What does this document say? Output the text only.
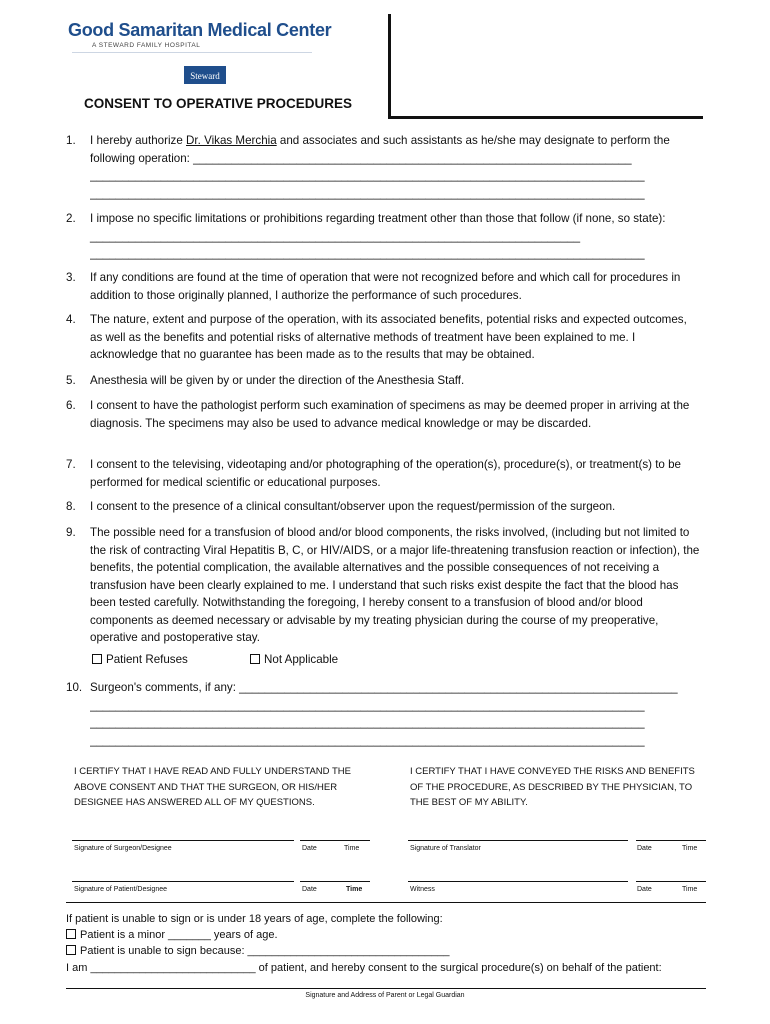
Good Samaritan Medical Center
A STEWARD FAMILY HOSPITAL
Steward
CONSENT TO OPERATIVE PROCEDURES
1.	I hereby authorize Dr. Vikas Merchia and associates and such assistants as he/she may designate to perform the following operation: ____________________________________________________________________
______________________________________________________________________________________
______________________________________________________________________________________
2.	I impose no specific limitations or prohibitions regarding treatment other than those that follow (if none, so state): ____________________________________________________________________________
______________________________________________________________________________________
3.	If any conditions are found at the time of operation that were not recognized before and which call for procedures in addition to those originally planned, I authorize the performance of such procedures.
4.	The nature, extent and purpose of the operation, with its associated benefits, potential risks and expected outcomes, as well as the benefits and potential risks of alternative methods of treatment have been explained to me. I acknowledge that no guarantee has been made as to the results that may be obtained.
5.	Anesthesia will be given by or under the direction of the Anesthesia Staff.
6.	I consent to have the pathologist perform such examination of specimens as may be deemed proper in arriving at the diagnosis. The specimens may also be used to advance medical knowledge or may be discarded.
7.	I consent to the televising, videotaping and/or photographing of the operation(s), procedure(s), or treatment(s) to be performed for medical scientific or educational purposes.
8.	I consent to the presence of a clinical consultant/observer upon the request/permission of the surgeon.
9.	The possible need for a transfusion of blood and/or blood components, the risks involved, (including but not limited to the risk of contracting Viral Hepatitis B, C, or HIV/AIDS, or a major life-threatening transfusion reaction or infection), the benefits, the potential complication, the available alternatives and the possible consequences of not receiving a transfusion have been clearly explained to me. I understand that such risks exist despite the fact that the blood has been tested carefully. Notwithstanding the foregoing, I hereby consent to a transfusion of blood and/or blood components as deemed necessary or advisable by my treating physician during the course of my preoperative, operative and postoperative stay.
Patient Refuses	Not Applicable
10. Surgeon's comments, if any: ____________________________________________________________________
______________________________________________________________________________________
______________________________________________________________________________________
______________________________________________________________________________________
I CERTIFY THAT I HAVE READ AND FULLY UNDERSTAND THE ABOVE CONSENT AND THAT THE SURGEON, OR HIS/HER DESIGNEE HAS ANSWERED ALL OF MY QUESTIONS.
I CERTIFY THAT I HAVE CONVEYED THE RISKS AND BENEFITS OF THE PROCEDURE, AS DESCRIBED BY THE PHYSICIAN, TO THE BEST OF MY ABILITY.
Signature of Surgeon/Designee	Date	Time	Signature of Translator	Date	Time
Signature of Patient/Designee	Date	Time	Witness	Date	Time
If patient is unable to sign or is under 18 years of age, complete the following:
Patient is a minor _______ years of age.
Patient is unable to sign because: _________________________________
I am ___________________________ of patient, and hereby consent to the surgical procedure(s) on behalf of the patient:
Signature and Address of Parent or Legal Guardian
